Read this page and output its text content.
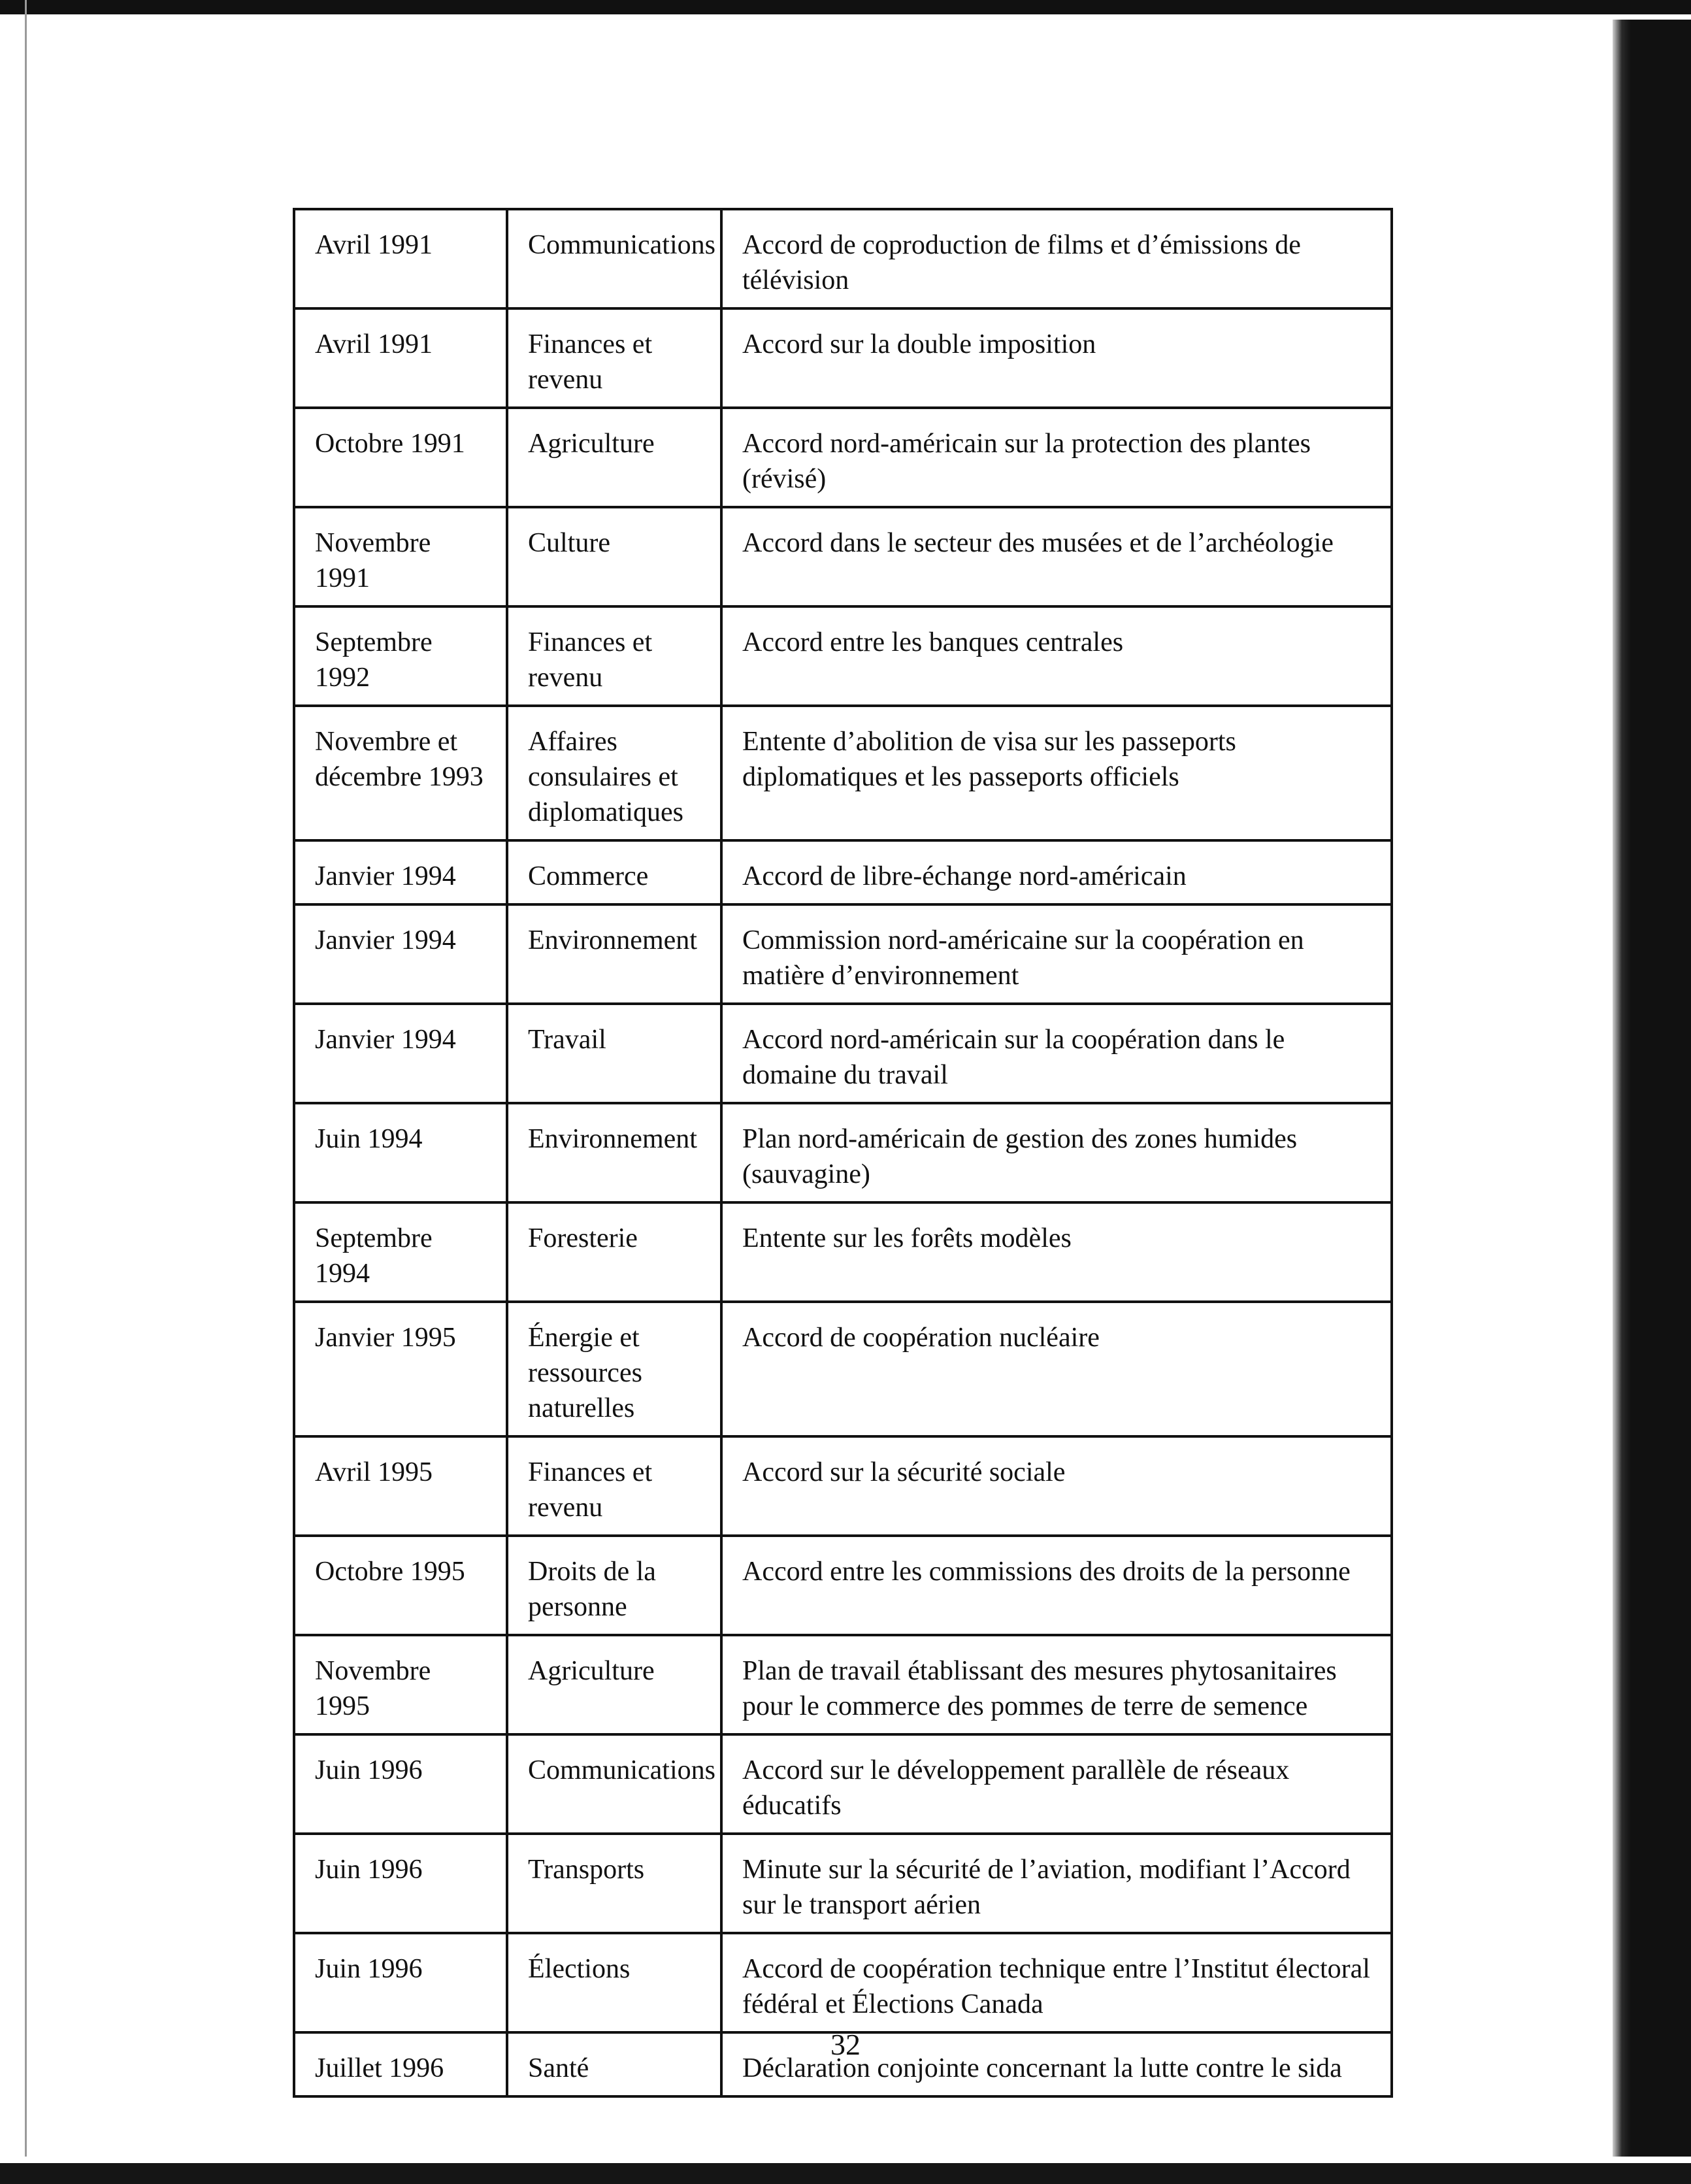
Avril 1991	Communications	Accord de coproduction de films et d’émissions de télévision
Avril 1991	Finances et revenu	Accord sur la double imposition
Octobre 1991	Agriculture	Accord nord-américain sur la protection des plantes (révisé)
Novembre 1991	Culture	Accord dans le secteur des musées et de l’archéologie
Septembre 1992	Finances et revenu	Accord entre les banques centrales
Novembre et décembre 1993	Affaires consulaires et diplomatiques	Entente d’abolition de visa sur les passeports diplomatiques et les passeports officiels
Janvier 1994	Commerce	Accord de libre-échange nord-américain
Janvier 1994	Environnement	Commission nord-américaine sur la coopération en matière d’environnement
Janvier 1994	Travail	Accord nord-américain sur la coopération dans le domaine du travail
Juin 1994	Environnement	Plan nord-américain de gestion des zones humides (sauvagine)
Septembre 1994	Foresterie	Entente sur les forêts modèles
Janvier 1995	Énergie et ressources naturelles	Accord de coopération nucléaire
Avril 1995	Finances et revenu	Accord sur la sécurité sociale
Octobre 1995	Droits de la personne	Accord entre les commissions des droits de la personne
Novembre 1995	Agriculture	Plan de travail établissant des mesures phytosanitaires pour le commerce des pommes de terre de semence
Juin 1996	Communications	Accord sur le développement parallèle de réseaux éducatifs
Juin 1996	Transports	Minute sur la sécurité de l’aviation, modifiant l’Accord sur le transport aérien
Juin 1996	Élections	Accord de coopération technique entre l’Institut électoral fédéral et Élections Canada
Juillet 1996	Santé	Déclaration conjointe concernant la lutte contre le sida
32
